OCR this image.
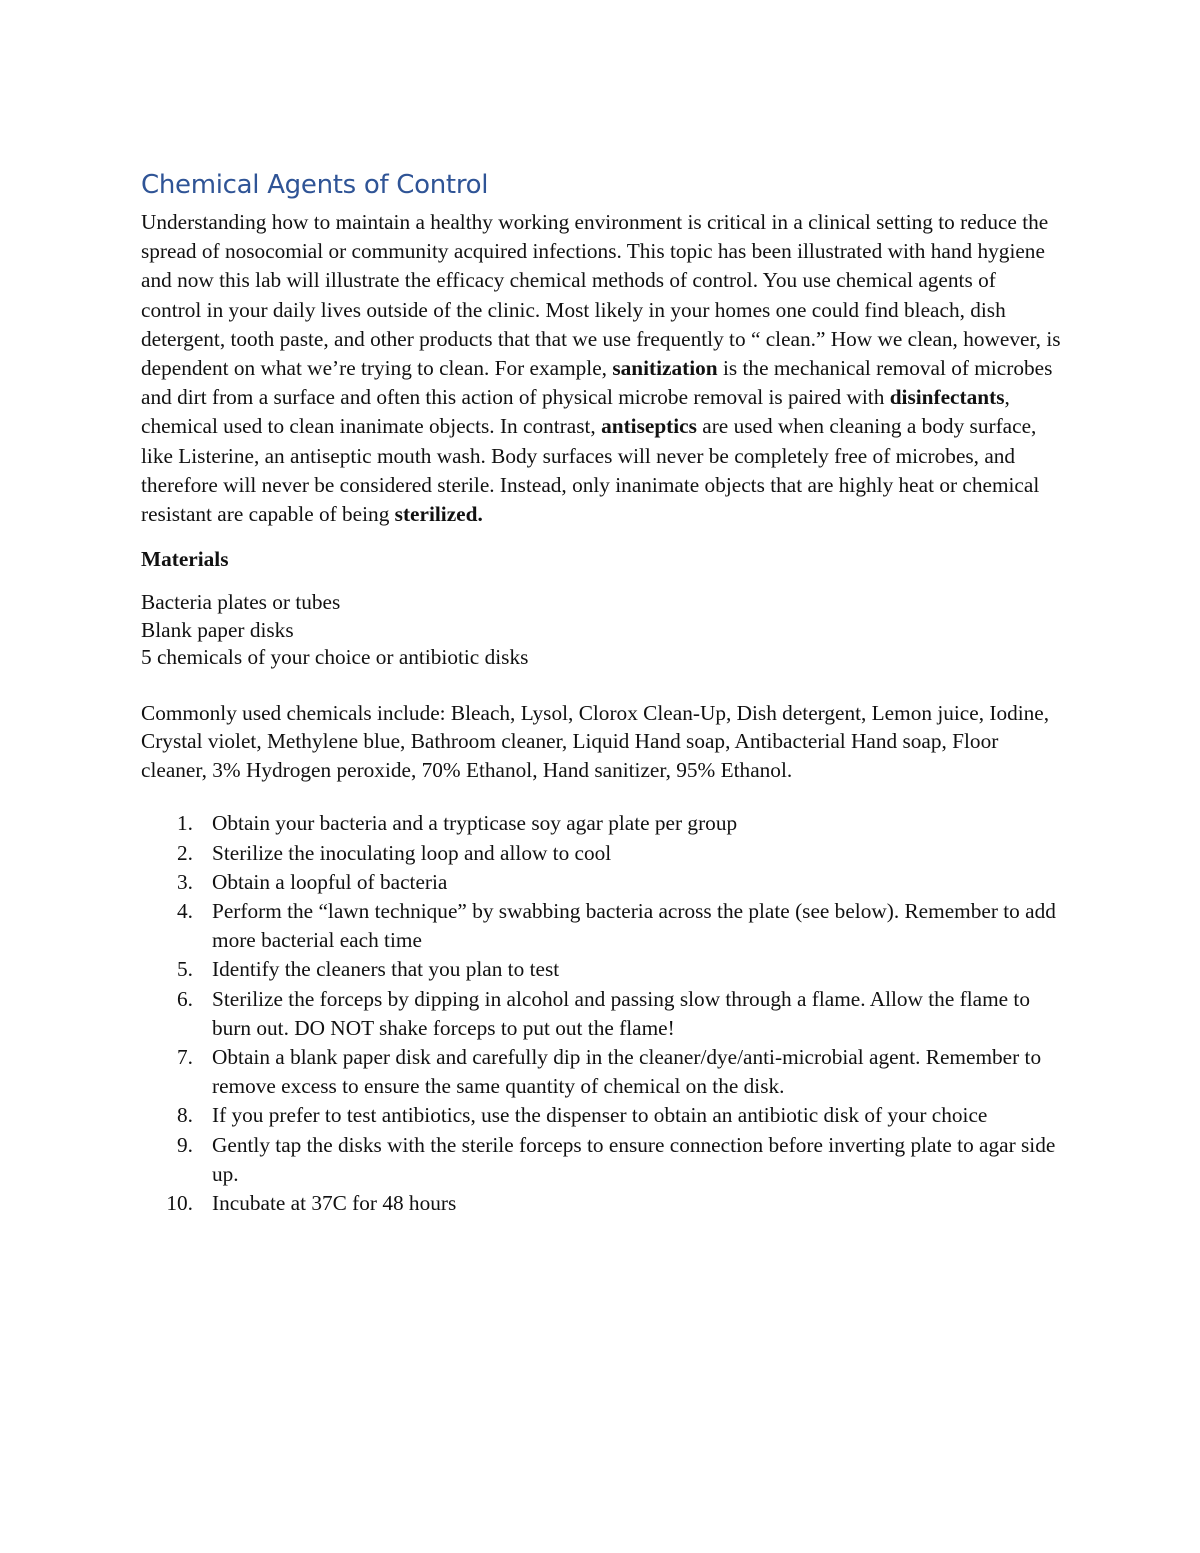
Chemical Agents of Control

Understanding how to maintain a healthy working environment is critical in a clinical setting to reduce the spread of nosocomial or community acquired infections. This topic has been illustrated with hand hygiene and now this lab will illustrate the efficacy chemical methods of control. You use chemical agents of control in your daily lives outside of the clinic. Most likely in your homes one could find bleach, dish detergent, tooth paste, and other products that that we use frequently to “ clean.” How we clean, however, is dependent on what we’re trying to clean. For example, sanitization is the mechanical removal of microbes and dirt from a surface and often this action of physical microbe removal is paired with disinfectants, chemical used to clean inanimate objects. In contrast, antiseptics are used when cleaning a body surface, like Listerine, an antiseptic mouth wash. Body surfaces will never be completely free of microbes, and therefore will never be considered sterile. Instead, only inanimate objects that are highly heat or chemical resistant are capable of being sterilized.

Materials
Bacteria plates or tubes
Blank paper disks
5 chemicals of your choice or antibiotic disks

Commonly used chemicals include: Bleach, Lysol, Clorox Clean-Up, Dish detergent, Lemon juice, Iodine, Crystal violet, Methylene blue, Bathroom cleaner, Liquid Hand soap, Antibacterial Hand soap, Floor cleaner, 3% Hydrogen peroxide, 70% Ethanol, Hand sanitizer, 95% Ethanol.

1. Obtain your bacteria and a trypticase soy agar plate per group
2. Sterilize the inoculating loop and allow to cool
3. Obtain a loopful of bacteria
4. Perform the “lawn technique” by swabbing bacteria across the plate (see below). Remember to add more bacterial each time
5. Identify the cleaners that you plan to test
6. Sterilize the forceps by dipping in alcohol and passing slow through a flame. Allow the flame to burn out. DO NOT shake forceps to put out the flame!
7. Obtain a blank paper disk and carefully dip in the cleaner/dye/anti-microbial agent. Remember to remove excess to ensure the same quantity of chemical on the disk.
8. If you prefer to test antibiotics, use the dispenser to obtain an antibiotic disk of your choice
9. Gently tap the disks with the sterile forceps to ensure connection before inverting plate to agar side up.
10. Incubate at 37C for 48 hours
